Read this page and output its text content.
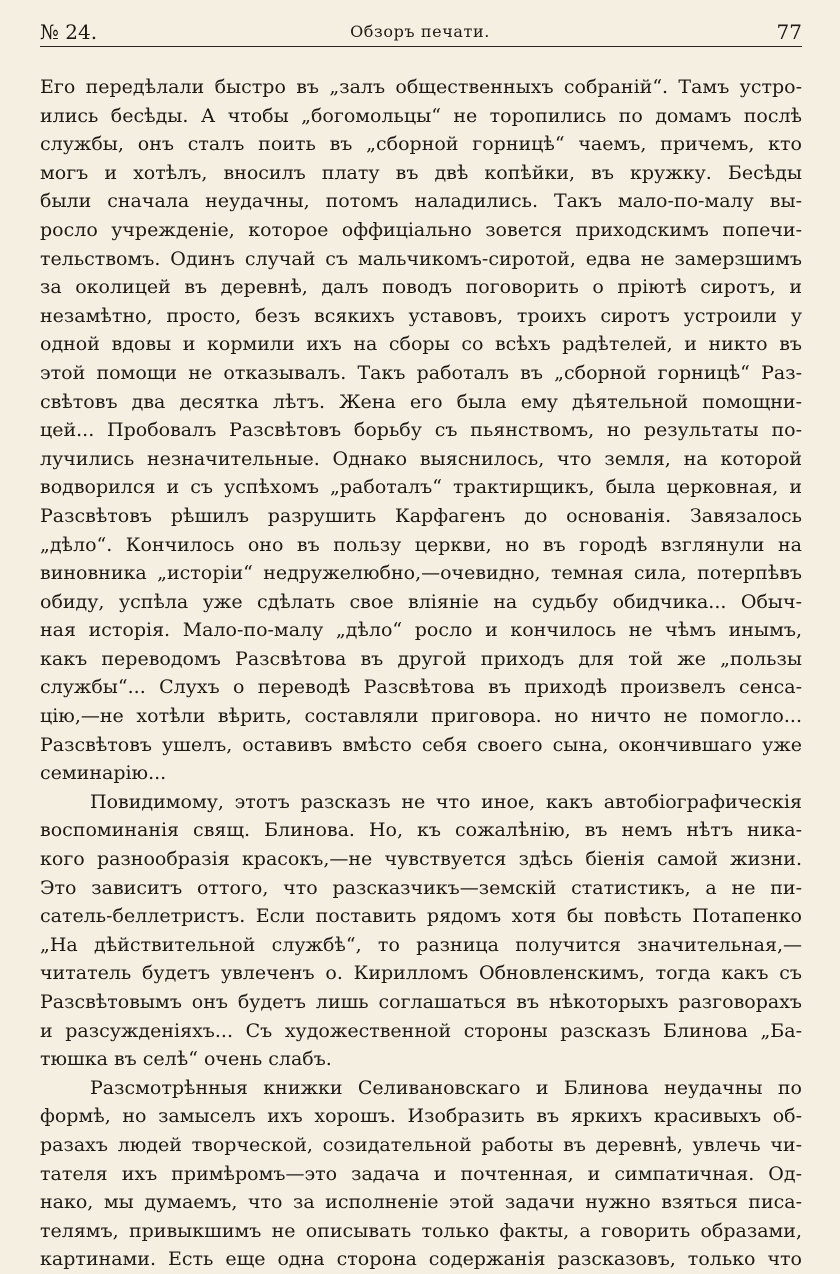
№ 24.	Обзоръ печати.	77
Его передѣлали быстро въ „залъ общественныхъ собраній“. Тамъ устро-
ились бесѣды. А чтобы „богомольцы“ не торопились по домамъ послѣ
службы, онъ сталъ поить въ „сборной горницѣ“ чаемъ, причемъ, кто
могъ и хотѣлъ, вносилъ плату въ двѣ копѣйки, въ кружку. Бесѣды
были сначала неудачны, потомъ наладились. Такъ мало-по-малу вы-
росло учрежденіе, которое оффиціально зовется приходскимъ попечи-
тельствомъ. Одинъ случай съ мальчикомъ-сиротой, едва не замерзшимъ
за околицей въ деревнѣ, далъ поводъ поговорить о пріютѣ сиротъ, и
незамѣтно, просто, безъ всякихъ уставовъ, троихъ сиротъ устроили у
одной вдовы и кормили ихъ на сборы со всѣхъ радѣтелей, и никто въ
этой помощи не отказывалъ. Такъ работалъ въ „сборной горницѣ“ Раз-
свѣтовъ два десятка лѣтъ. Жена его была ему дѣятельной помощни-
цей... Пробовалъ Разсвѣтовъ борьбу съ пьянствомъ, но результаты по-
лучились незначительные. Однако выяснилось, что земля, на которой
водворился и съ успѣхомъ „работалъ“ трактирщикъ, была церковная, и
Разсвѣтовъ рѣшилъ разрушить Карфагенъ до основанія. Завязалось
„дѣло“. Кончилось оно въ пользу церкви, но въ городѣ взглянули на
виновника „исторіи“ недружелюбно,—очевидно, темная сила, потерпѣвъ
обиду, успѣла уже сдѣлать свое вліяніе на судьбу обидчика... Обыч-
ная исторія. Мало-по-малу „дѣло“ росло и кончилось не чѣмъ инымъ,
какъ переводомъ Разсвѣтова въ другой приходъ для той же „пользы
службы“... Слухъ о переводѣ Разсвѣтова въ приходѣ произвелъ сенса-
цію,—не хотѣли вѣрить, составляли приговора. но ничто не помогло...
Разсвѣтовъ ушелъ, оставивъ вмѣсто себя своего сына, окончившаго уже
семинарію...
Повидимому, этотъ разсказъ не что иное, какъ автобіографическія
воспоминанія свящ. Блинова. Но, къ сожалѣнію, въ немъ нѣтъ ника-
кого разнообразія красокъ,—не чувствуется здѣсь біенія самой жизни.
Это зависитъ оттого, что разсказчикъ—земскій статистикъ, а не пи-
сатель-беллетристъ. Если поставить рядомъ хотя бы повѣсть Потапенко
„На дѣйствительной службѣ“, то разница получится значительная,—
читатель будетъ увлеченъ о. Кирилломъ Обновленскимъ, тогда какъ съ
Разсвѣтовымъ онъ будетъ лишь соглашаться въ нѣкоторыхъ разговорахъ
и разсужденіяхъ... Съ художественной стороны разсказъ Блинова „Ба-
тюшка въ селѣ“ очень слабъ.
Разсмотрѣнныя книжки Селивановскаго и Блинова неудачны по
формѣ, но замыселъ ихъ хорошъ. Изобразить въ яркихъ красивыхъ об-
разахъ людей творческой, созидательной работы въ деревнѣ, увлечь чи-
тателя ихъ примѣромъ—это задача и почтенная, и симпатичная. Од-
нако, мы думаемъ, что за исполненіе этой задачи нужно взяться писа-
телямъ, привыкшимъ не описывать только факты, а говорить образами,
картинами. Есть еще одна сторона содержанія разсказовъ, только что
